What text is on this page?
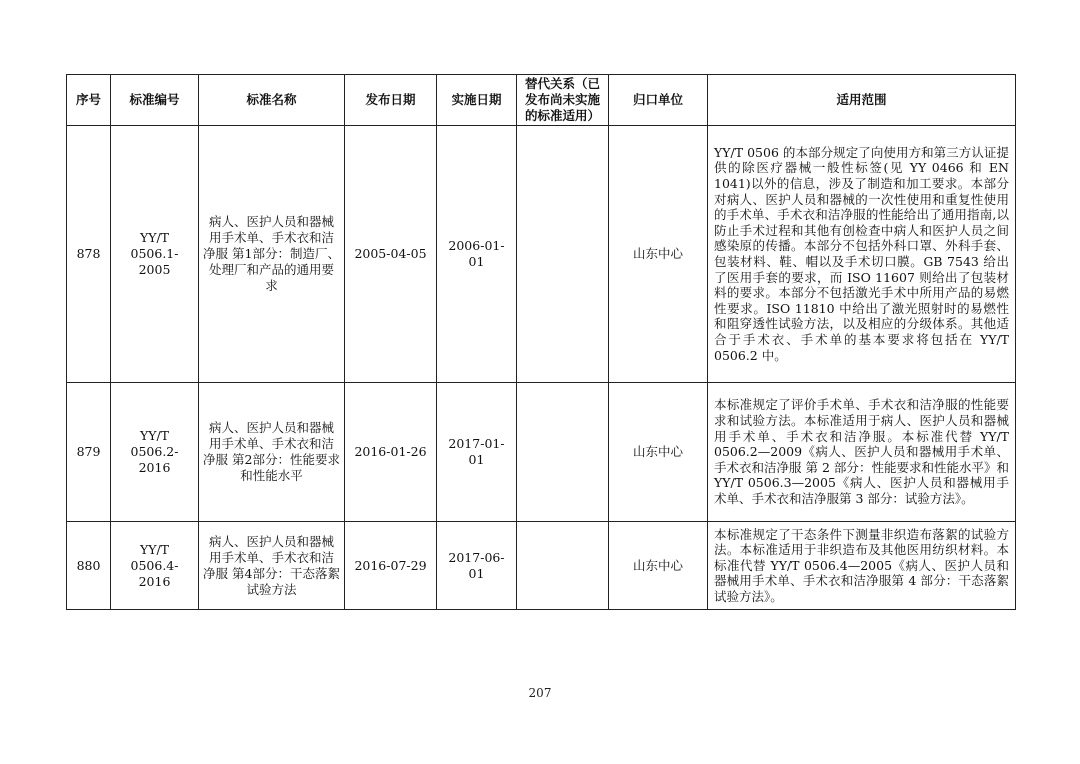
序号	标准编号	标准名称	发布日期	实施日期	替代关系（已发布尚未实施的标准适用）	归口单位	适用范围
878	YY/T 0506.1-2005	病人、医护人员和器械用手术单、手术衣和洁净服 第1部分：制造厂、处理厂和产品的通用要求	2005-04-05	2006-01-01		山东中心	YY/T 0506 的本部分规定了向使用方和第三方认证提供的除医疗器械一般性标签(见 YY 0466 和 EN 1041)以外的信息，涉及了制造和加工要求。本部分对病人、医护人员和器械的一次性使用和重复性使用的手术单、手术衣和洁净服的性能给出了通用指南,以防止手术过程和其他有创检查中病人和医护人员之间感染原的传播。本部分不包括外科口罩、外科手套、包装材料、鞋、帽以及手术切口膜。GB 7543 给出了医用手套的要求，而 ISO 11607 则给出了包装材料的要求。本部分不包括激光手术中所用产品的易燃性要求。ISO 11810 中给出了激光照射时的易燃性和阻穿透性试验方法，以及相应的分级体系。其他适合于手术衣、手术单的基本要求将包括在 YY/T 0506.2 中。
879	YY/T 0506.2-2016	病人、医护人员和器械用手术单、手术衣和洁净服 第2部分：性能要求和性能水平	2016-01-26	2017-01-01		山东中心	本标准规定了评价手术单、手术衣和洁净服的性能要求和试验方法。本标准适用于病人、医护人员和器械用手术单、手术衣和洁净服。本标准代替 YY/T 0506.2—2009《病人、医护人员和器械用手术单、手术衣和洁净服 第 2 部分：性能要求和性能水平》和 YY/T 0506.3—2005《病人、医护人员和器械用手术单、手术衣和洁净服第 3 部分：试验方法》。
880	YY/T 0506.4-2016	病人、医护人员和器械用手术单、手术衣和洁净服 第4部分：干态落絮试验方法	2016-07-29	2017-06-01		山东中心	本标准规定了干态条件下测量非织造布落絮的试验方法。本标准适用于非织造布及其他医用纺织材料。本标准代替 YY/T 0506.4—2005《病人、医护人员和器械用手术单、手术衣和洁净服第 4 部分：干态落絮试验方法》。
207
